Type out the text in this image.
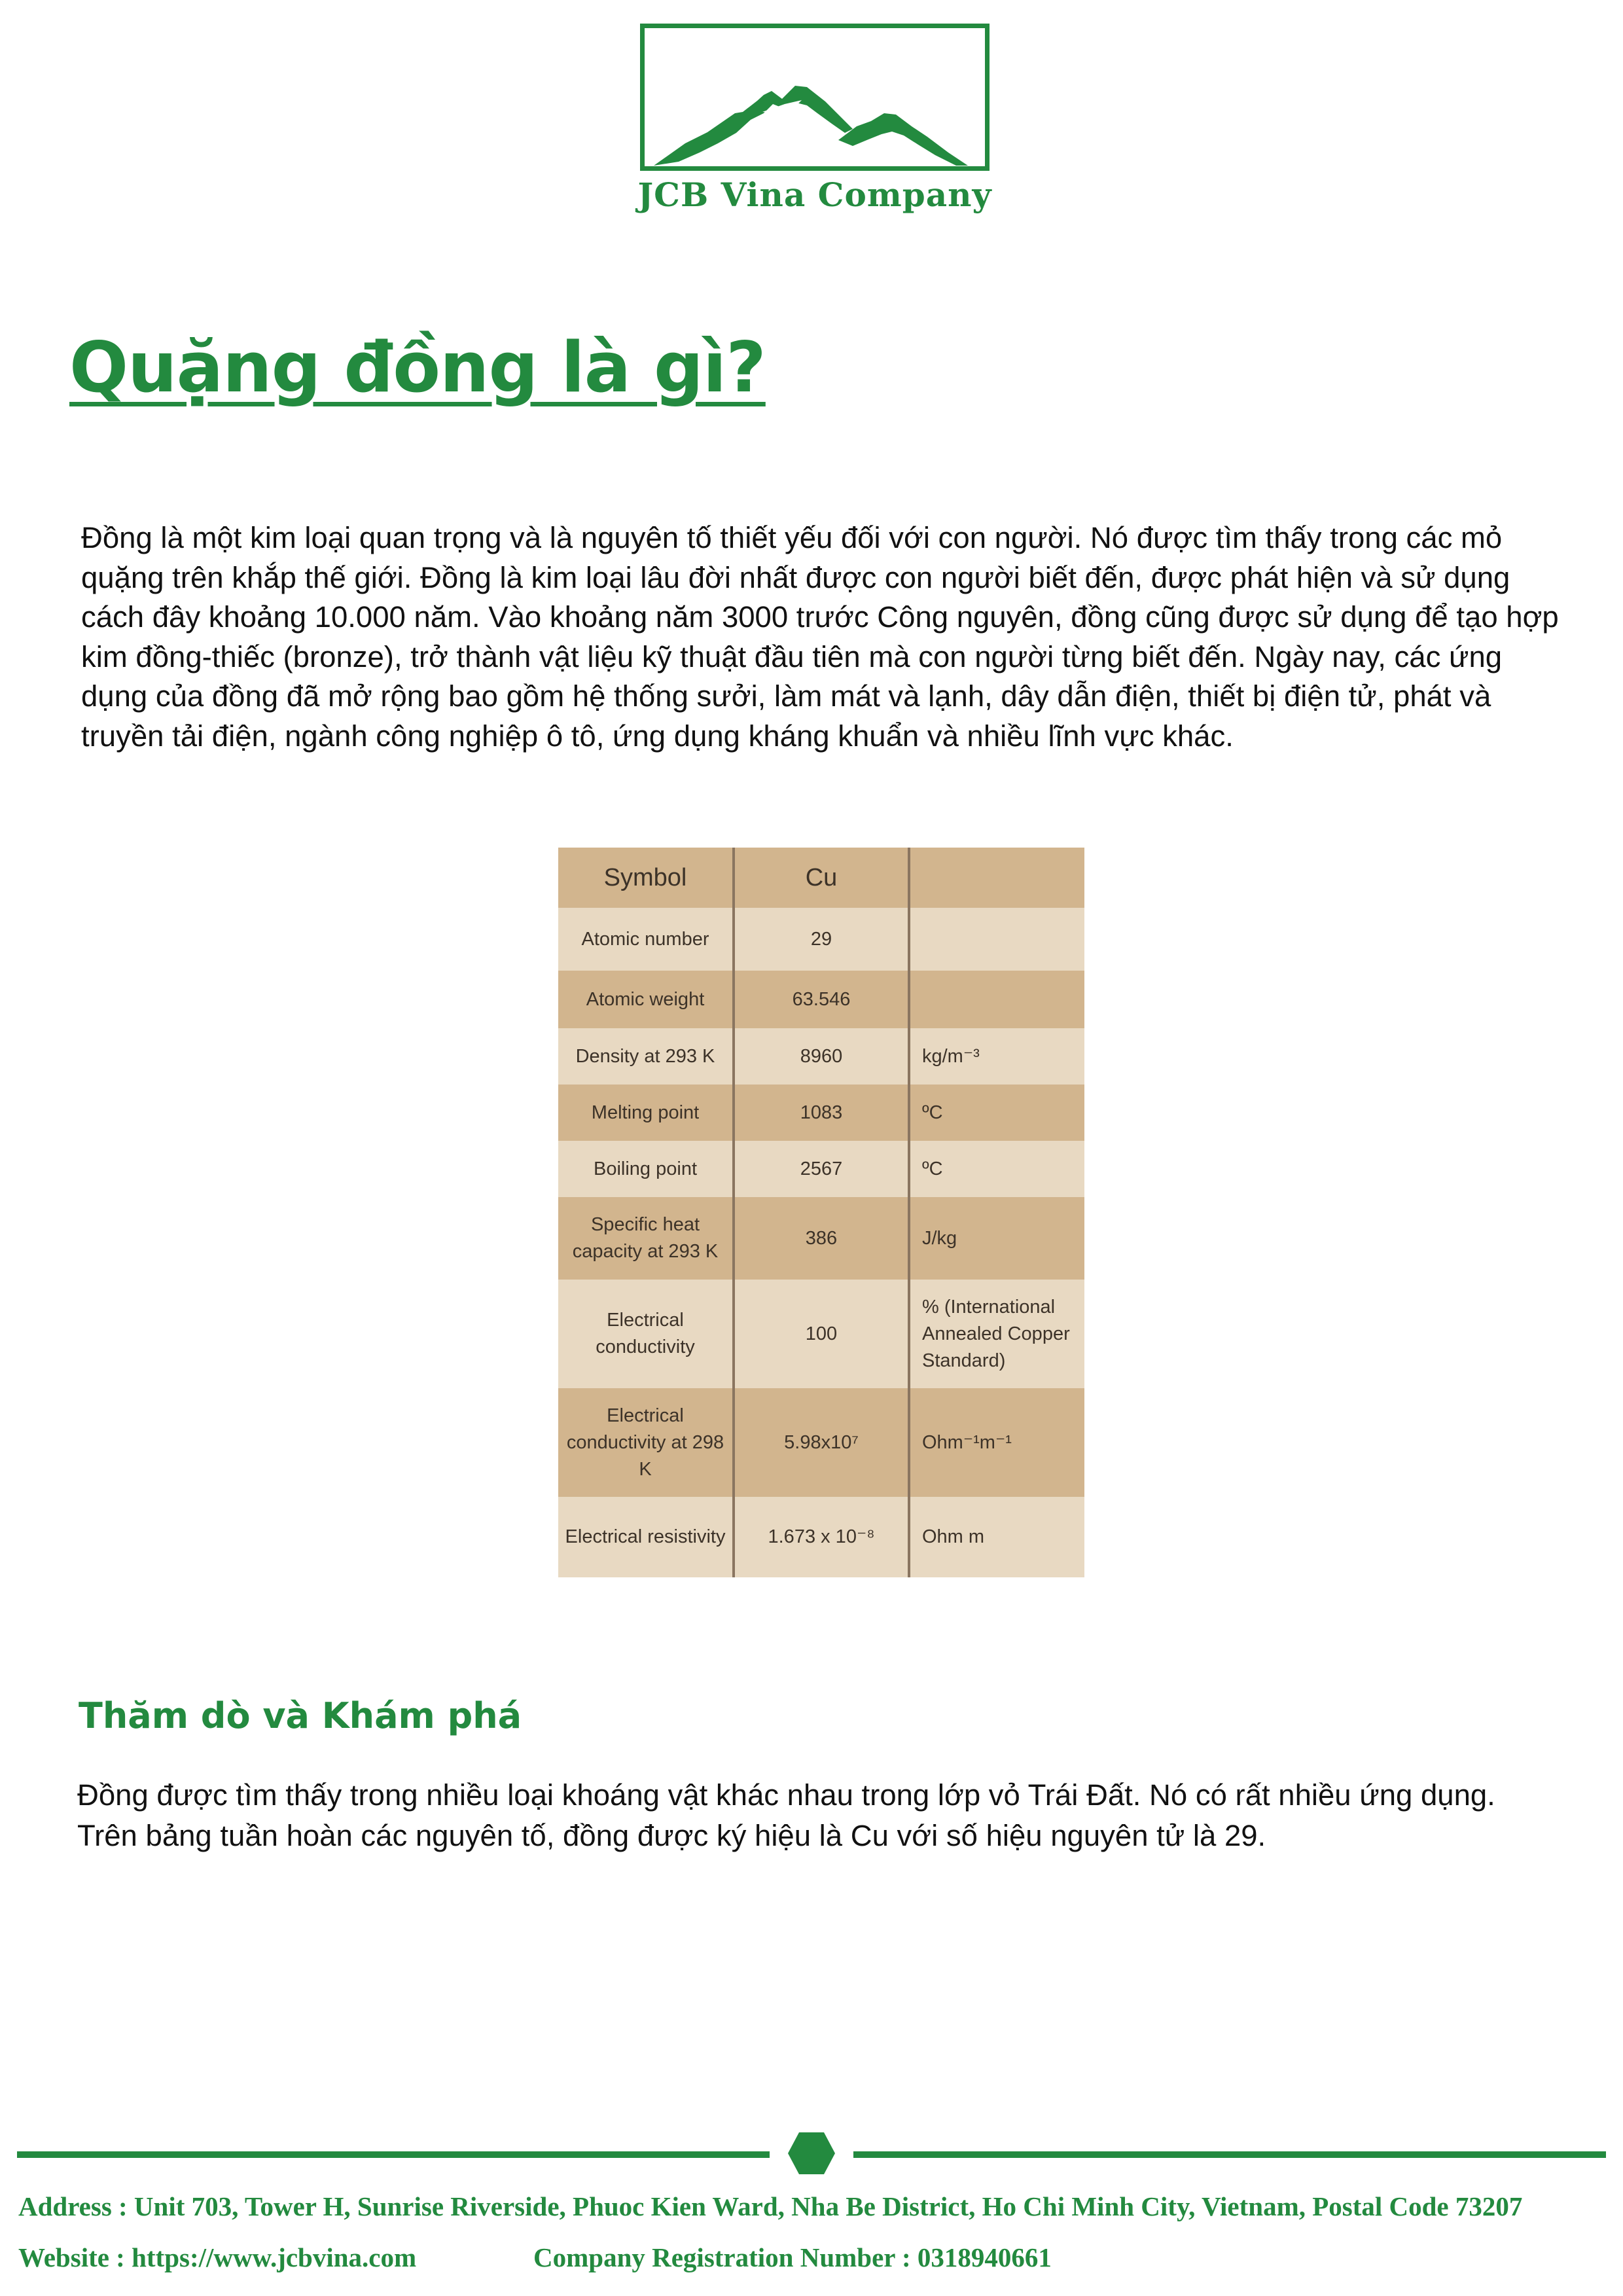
JCB Vina Company
Quặng đồng là gì?

Đồng là một kim loại quan trọng và là nguyên tố thiết yếu đối với con người. Nó được tìm thấy trong các mỏ quặng trên khắp thế giới. Đồng là kim loại lâu đời nhất được con người biết đến, được phát hiện và sử dụng cách đây khoảng 10.000 năm. Vào khoảng năm 3000 trước Công nguyên, đồng cũng được sử dụng để tạo hợp kim đồng-thiếc (bronze), trở thành vật liệu kỹ thuật đầu tiên mà con người từng biết đến. Ngày nay, các ứng dụng của đồng đã mở rộng bao gồm hệ thống sưởi, làm mát và lạnh, dây dẫn điện, thiết bị điện tử, phát và truyền tải điện, ngành công nghiệp ô tô, ứng dụng kháng khuẩn và nhiều lĩnh vực khác.

Symbol	Cu	
Atomic number	29	
Atomic weight	63.546	
Density at 293 K	8960	kg/m⁻³
Melting point	1083	ºC
Boiling point	2567	ºC
Specific heat capacity at 293 K	386	J/kg
Electrical conductivity	100	% (International Annealed Copper Standard)
Electrical conductivity at 298 K	5.98x10⁷	Ohm⁻¹m⁻¹
Electrical resistivity	1.673 x 10⁻⁸	Ohm m
Thăm dò và Khám phá

Đồng được tìm thấy trong nhiều loại khoáng vật khác nhau trong lớp vỏ Trái Đất. Nó có rất nhiều ứng dụng. Trên bảng tuần hoàn các nguyên tố, đồng được ký hiệu là Cu với số hiệu nguyên tử là 29.

Address : Unit 703, Tower H, Sunrise Riverside, Phuoc Kien Ward, Nha Be District, Ho Chi Minh City, Vietnam, Postal Code 73207

Website : https://www.jcbvina.com	Company Registration Number : 0318940661
